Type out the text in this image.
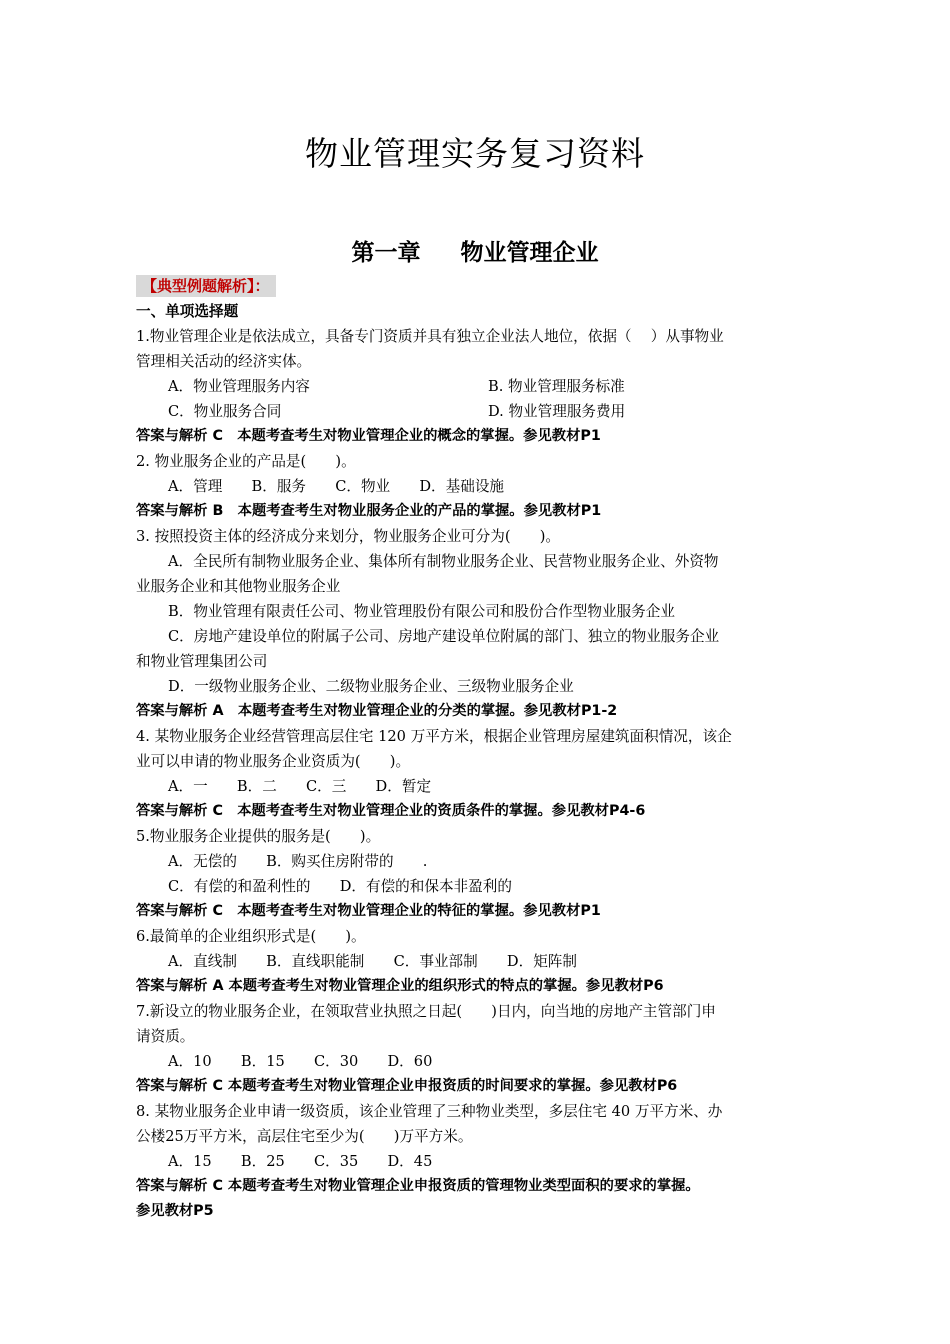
物业管理实务复习资料
第一章 物业管理企业
【典型例题解析】：

一、单项选择题

1.物业管理企业是依法成立，具备专门资质并具有独立企业法人地位，依据（　 ）从事物业

管理相关活动的经济实体。

A．物业管理服务内容	B. 物业管理服务标准
C．物业服务合同	D. 物业管理服务费用

答案与解析 C　本题考查考生对物业管理企业的概念的掌握。参见教材P1

2. 物业服务企业的产品是(　　)。

A．管理　　B．服务　　C．物业　　D．基础设施

答案与解析 B　本题考查考生对物业服务企业的产品的掌握。参见教材P1

3. 按照投资主体的经济成分来划分，物业服务企业可分为(　　)。

A．全民所有制物业服务企业、集体所有制物业服务企业、民营物业服务企业、外资物

业服务企业和其他物业服务企业

B．物业管理有限责任公司、物业管理股份有限公司和股份合作型物业服务企业

C．房地产建设单位的附属子公司、房地产建设单位附属的部门、独立的物业服务企业

和物业管理集团公司

D．一级物业服务企业、二级物业服务企业、三级物业服务企业

答案与解析 A　本题考查考生对物业管理企业的分类的掌握。参见教材P1-2

4. 某物业服务企业经营管理高层住宅 120 万平方米，根据企业管理房屋建筑面积情况，该企

业可以申请的物业服务企业资质为(　　)。

A．一　　B．二　　C．三　　D．暂定

答案与解析 C　本题考查考生对物业管理企业的资质条件的掌握。参见教材P4-6

5.物业服务企业提供的服务是(　　)。

A．无偿的　　B．购买住房附带的　　.

C．有偿的和盈利性的　　D．有偿的和保本非盈利的

答案与解析 C　本题考查考生对物业管理企业的特征的掌握。参见教材P1

6.最简单的企业组织形式是(　　)。

A．直线制　　B．直线职能制　　C．事业部制　　D．矩阵制

答案与解析 A 本题考查考生对物业管理企业的组织形式的特点的掌握。参见教材P6

7.新设立的物业服务企业，在领取营业执照之日起(　　)日内，向当地的房地产主管部门申

请资质。

A．10　　B．15　　C．30　　D．60

答案与解析 C 本题考查考生对物业管理企业申报资质的时间要求的掌握。参见教材P6

8. 某物业服务企业申请一级资质，该企业管理了三种物业类型，多层住宅 40 万平方米、办

公楼25万平方米，高层住宅至少为(　　)万平方米。

A．15　　B．25　　C．35　　D．45

答案与解析 C 本题考查考生对物业管理企业申报资质的管理物业类型面积的要求的掌握。

参见教材P5
